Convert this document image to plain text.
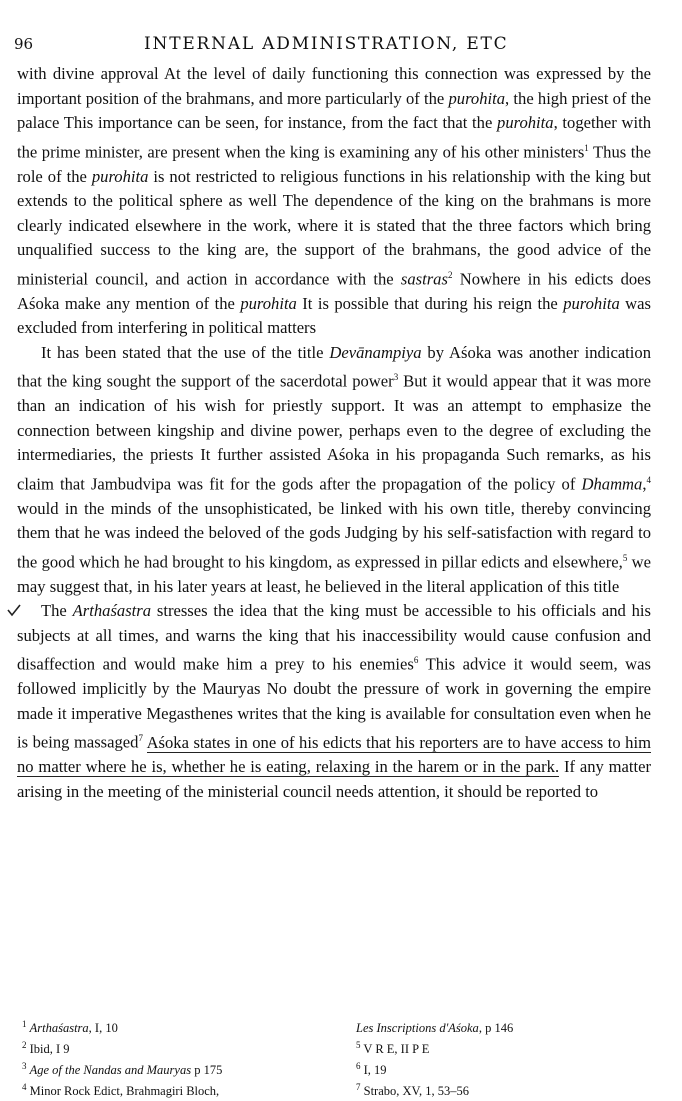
96	INTERNAL ADMINISTRATION, ETC

with divine approval At the level of daily functioning this connection was expressed by the important position of the brahmans, and more particularly of the purohita, the high priest of the palace This importance can be seen, for instance, from the fact that the purohita, together with the prime minister, are present when the king is examining any of his other ministers$^1$ Thus the role of the purohita is not restricted to religious functions in his relationship with the king but extends to the political sphere as well The dependence of the king on the brahmans is more clearly indicated elsewhere in the work, where it is stated that the three factors which bring unqualified success to the king are, the support of the brahmans, the good advice of the ministerial council, and action in accordance with the sastras$^2$ Nowhere in his edicts does Aśoka make any mention of the purohita It is possible that during his reign the purohita was excluded from interfering in political matters

It has been stated that the use of the title Devānampiya by Aśoka was another indication that the king sought the support of the sacerdotal power$^3$ But it would appear that it was more than an indication of his wish for priestly support. It was an attempt to emphasize the connection between kingship and divine power, perhaps even to the degree of excluding the intermediaries, the priests It further assisted Aśoka in his propaganda Such remarks, as his claim that Jambudvipa was fit for the gods after the propagation of the policy of Dhamma,$^4$ would in the minds of the unsophisticated, be linked with his own title, thereby convincing them that he was indeed the beloved of the gods Judging by his self-satisfaction with regard to the good which he had brought to his kingdom, as expressed in pillar edicts and elsewhere,$^5$ we may suggest that, in his later years at least, he believed in the literal application of this title

The Arthaśastra stresses the idea that the king must be accessible to his officials and his subjects at all times, and warns the king that his inaccessibility would cause confusion and disaffection and would make him a prey to his enemies$^6$ This advice it would seem, was followed implicitly by the Mauryas No doubt the pressure of work in governing the empire made it imperative Megasthenes writes that the king is available for consultation even when he is being massaged$^7$ Aśoka states in one of his edicts that his reporters are to have access to him no matter where he is, whether he is eating, relaxing in the harem or in the park. If any matter arising in the meeting of the ministerial council needs attention, it should be reported to

$^1$ Arthaśastra, I, 10
$^2$ Ibid, I 9
$^3$ Age of the Nandas and Mauryas p 175
$^4$ Minor Rock Edict, Brahmagiri Bloch,
Les Inscriptions d'Aśoka, p 146
$^5$ V R E, II P E
$^6$ I, 19
$^7$ Strabo, XV, 1, 53–56
